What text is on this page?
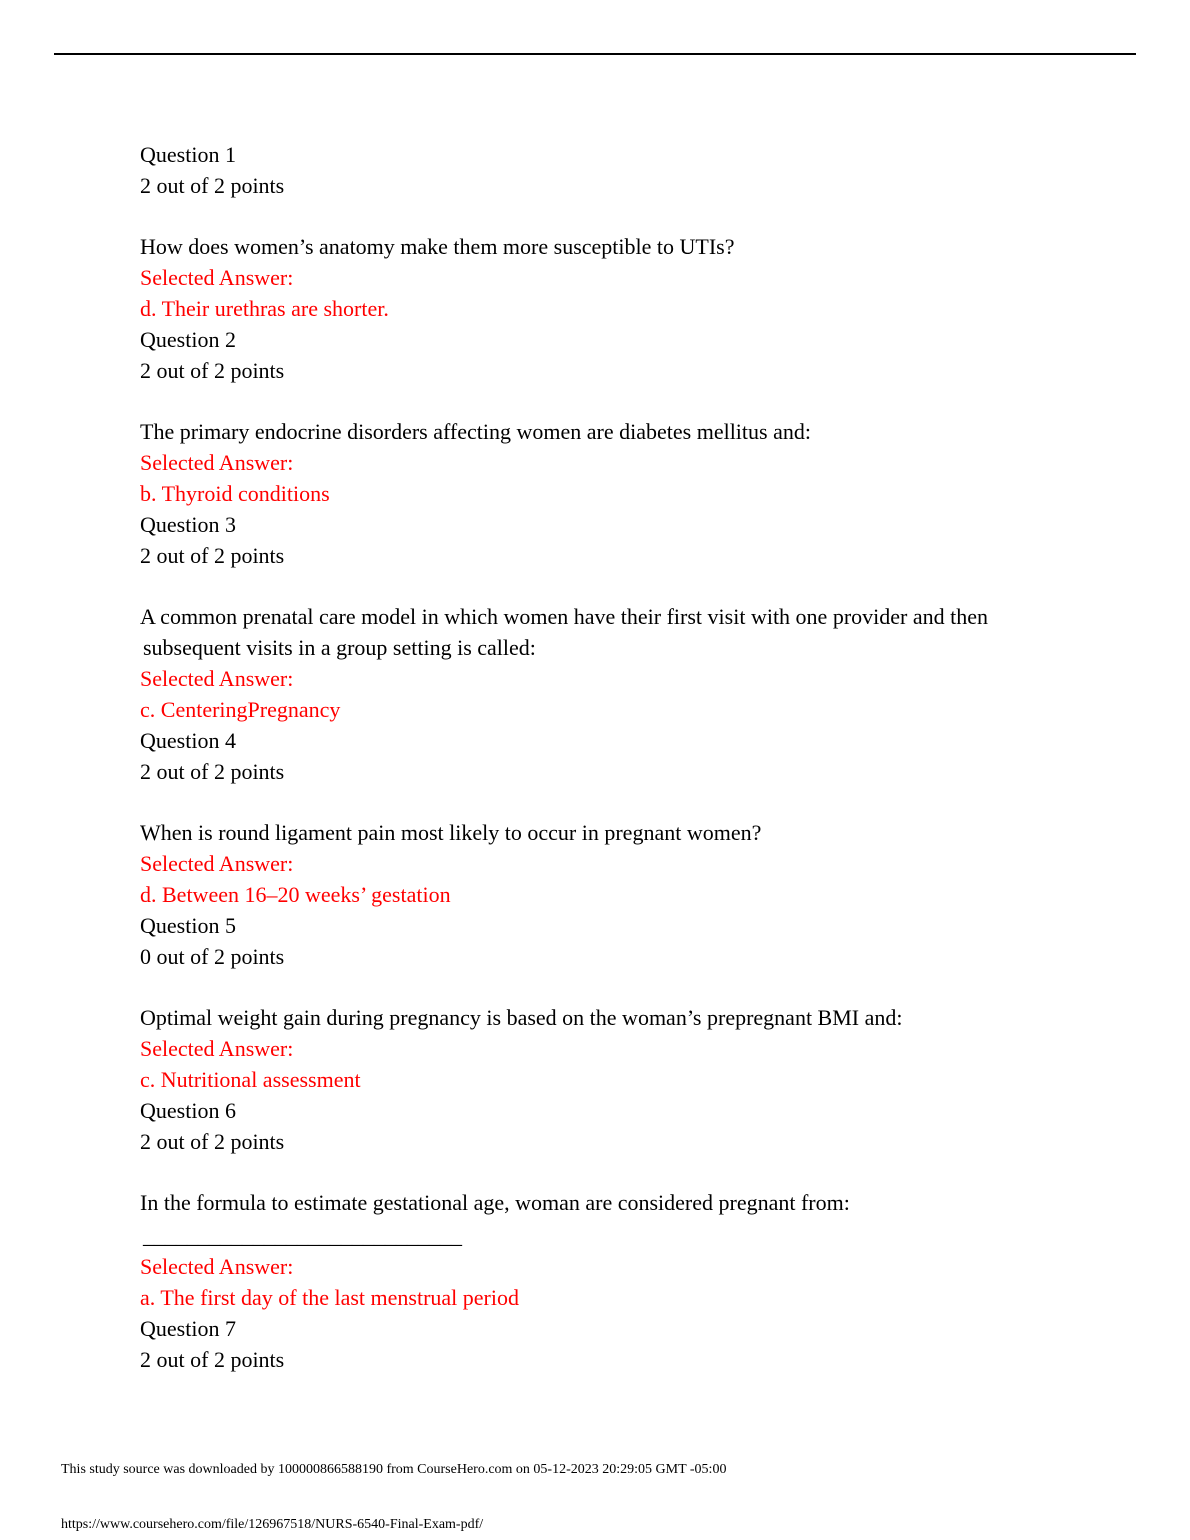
Question 1
2 out of 2 points
How does women’s anatomy make them more susceptible to UTIs?
Selected Answer:
d. Their urethras are shorter.
Question 2
2 out of 2 points
The primary endocrine disorders affecting women are diabetes mellitus and:
Selected Answer:
b. Thyroid conditions
Question 3
2 out of 2 points
A common prenatal care model in which women have their first visit with one provider and then
subsequent visits in a group setting is called:
Selected Answer:
c. CenteringPregnancy
Question 4
2 out of 2 points
When is round ligament pain most likely to occur in pregnant women?
Selected Answer:
d. Between 16–20 weeks’ gestation
Question 5
0 out of 2 points
Optimal weight gain during pregnancy is based on the woman’s prepregnant BMI and:
Selected Answer:
c. Nutritional assessment
Question 6
2 out of 2 points
In the formula to estimate gestational age, woman are considered pregnant from:
_____________________________
Selected Answer:
a. The first day of the last menstrual period
Question 7
2 out of 2 points
This study source was downloaded by 100000866588190 from CourseHero.com on 05-12-2023 20:29:05 GMT -05:00
https://www.coursehero.com/file/126967518/NURS-6540-Final-Exam-pdf/
